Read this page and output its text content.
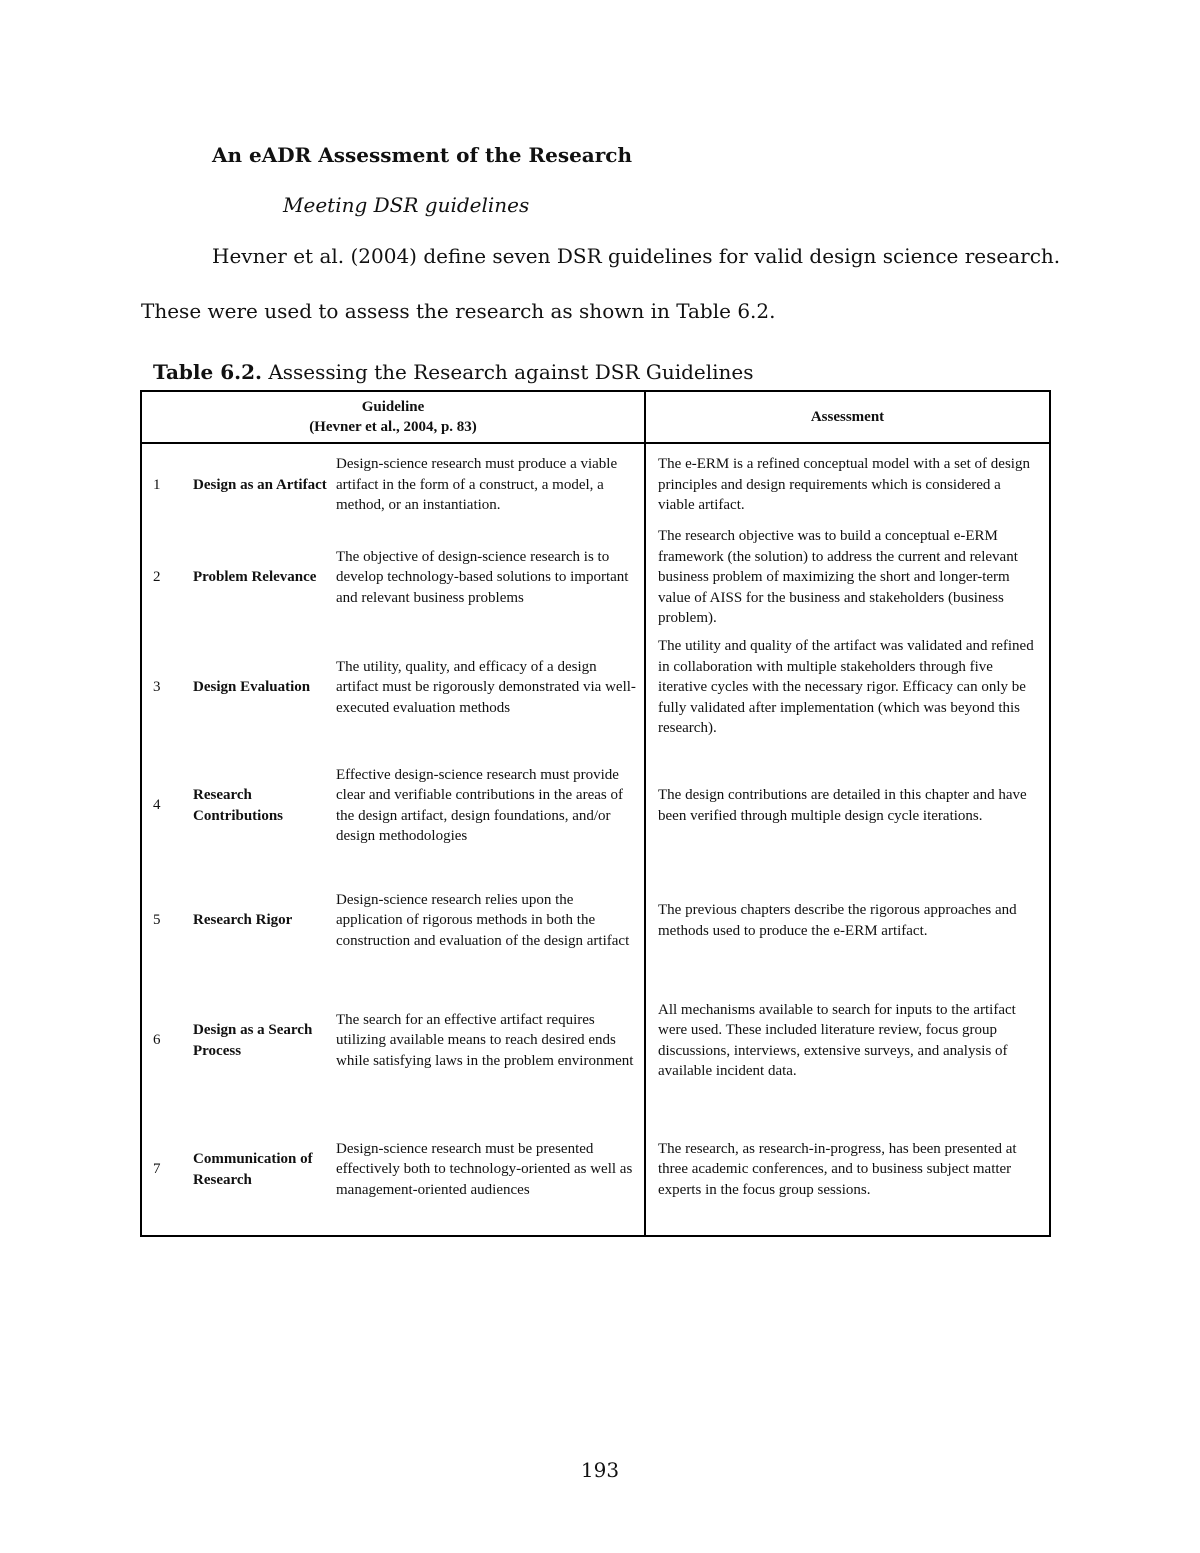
An eADR Assessment of the Research

Meeting DSR guidelines

Hevner et al. (2004) define seven DSR guidelines for valid design science research.

These were used to assess the research as shown in Table 6.2.

Table 6.2. Assessing the Research against DSR Guidelines

Guideline
(Hevner et al., 2004, p. 83)			Assessment
1	Design as an Artifact	Design-science research must produce a viable artifact in the form of a construct, a model, a method, or an instantiation.	The e-ERM is a refined conceptual model with a set of design principles and design requirements which is considered a viable artifact.
2	Problem Relevance	The objective of design-science research is to develop technology-based solutions to important and relevant business problems	The research objective was to build a conceptual e-ERM framework (the solution) to address the current and relevant business problem of maximizing the short and longer-term value of AISS for the business and stakeholders (business problem).
3	Design Evaluation	The utility, quality, and efficacy of a design artifact must be rigorously demonstrated via well-executed evaluation methods	The utility and quality of the artifact was validated and refined in collaboration with multiple stakeholders through five iterative cycles with the necessary rigor. Efficacy can only be fully validated after implementation (which was beyond this research).
4	Research Contributions	Effective design-science research must provide clear and verifiable contributions in the areas of the design artifact, design foundations, and/or design methodologies	The design contributions are detailed in this chapter and have been verified through multiple design cycle iterations.
5	Research Rigor	Design-science research relies upon the application of rigorous methods in both the construction and evaluation of the design artifact	The previous chapters describe the rigorous approaches and methods used to produce the e-ERM artifact.
6	Design as a Search Process	The search for an effective artifact requires utilizing available means to reach desired ends while satisfying laws in the problem environment	All mechanisms available to search for inputs to the artifact were used. These included literature review, focus group discussions, interviews, extensive surveys, and analysis of available incident data.
7	Communication of Research	Design-science research must be presented effectively both to technology-oriented as well as management-oriented audiences	The research, as research-in-progress, has been presented at three academic conferences, and to business subject matter experts in the focus group sessions.

193
